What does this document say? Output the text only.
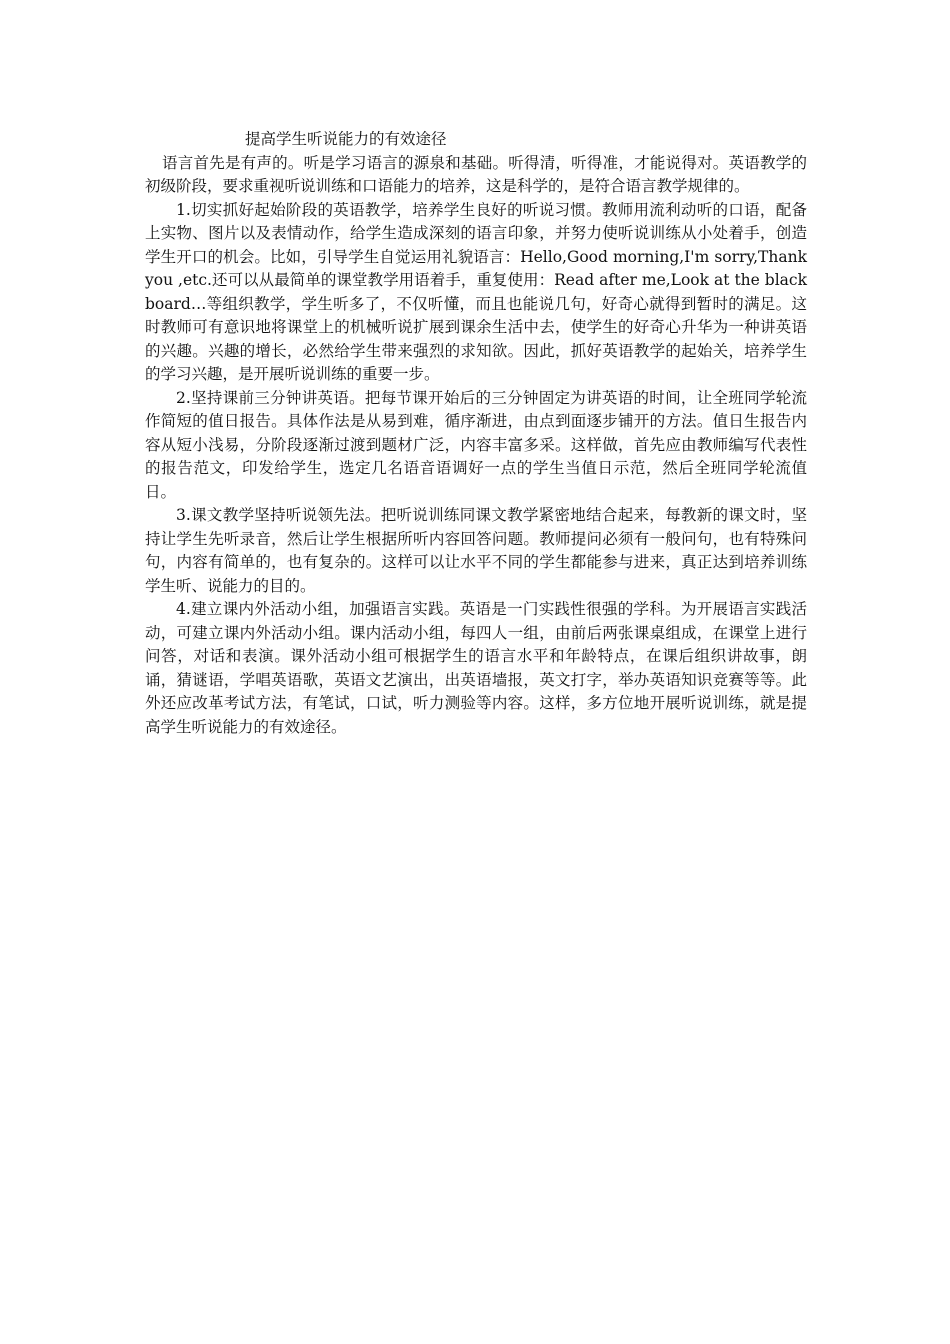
提高学生听说能力的有效途径

语言首先是有声的。听是学习语言的源泉和基础。听得清，听得准，才能说得对。英语教学的初级阶段，要求重视听说训练和口语能力的培养，这是科学的，是符合语言教学规律的。

1.切实抓好起始阶段的英语教学，培养学生良好的听说习惯。教师用流利动听的口语，配备上实物、图片以及表情动作，给学生造成深刻的语言印象，并努力使听说训练从小处着手，创造学生开口的机会。比如，引导学生自觉运用礼貌语言：Hello,Good morning,I'm sorry,Thank you ,etc.还可以从最简单的课堂教学用语着手，重复使用：Read after me,Look at the blackboard…等组织教学，学生听多了，不仅听懂，而且也能说几句，好奇心就得到暂时的满足。这时教师可有意识地将课堂上的机械听说扩展到课余生活中去，使学生的好奇心升华为一种讲英语的兴趣。兴趣的增长，必然给学生带来强烈的求知欲。因此，抓好英语教学的起始关，培养学生的学习兴趣，是开展听说训练的重要一步。

2.坚持课前三分钟讲英语。把每节课开始后的三分钟固定为讲英语的时间，让全班同学轮流作简短的值日报告。具体作法是从易到难，循序渐进，由点到面逐步铺开的方法。值日生报告内容从短小浅易，分阶段逐渐过渡到题材广泛，内容丰富多采。这样做，首先应由教师编写代表性的报告范文，印发给学生，选定几名语音语调好一点的学生当值日示范，然后全班同学轮流值日。

3.课文教学坚持听说领先法。把听说训练同课文教学紧密地结合起来，每教新的课文时，坚持让学生先听录音，然后让学生根据所听内容回答问题。教师提问必须有一般问句，也有特殊问句，内容有简单的，也有复杂的。这样可以让水平不同的学生都能参与进来，真正达到培养训练学生听、说能力的目的。

4.建立课内外活动小组，加强语言实践。英语是一门实践性很强的学科。为开展语言实践活动，可建立课内外活动小组。课内活动小组，每四人一组，由前后两张课桌组成，在课堂上进行问答，对话和表演。课外活动小组可根据学生的语言水平和年龄特点，在课后组织讲故事，朗诵，猜谜语，学唱英语歌，英语文艺演出，出英语墙报，英文打字，举办英语知识竞赛等等。此外还应改革考试方法，有笔试，口试，听力测验等内容。这样，多方位地开展听说训练，就是提高学生听说能力的有效途径。
